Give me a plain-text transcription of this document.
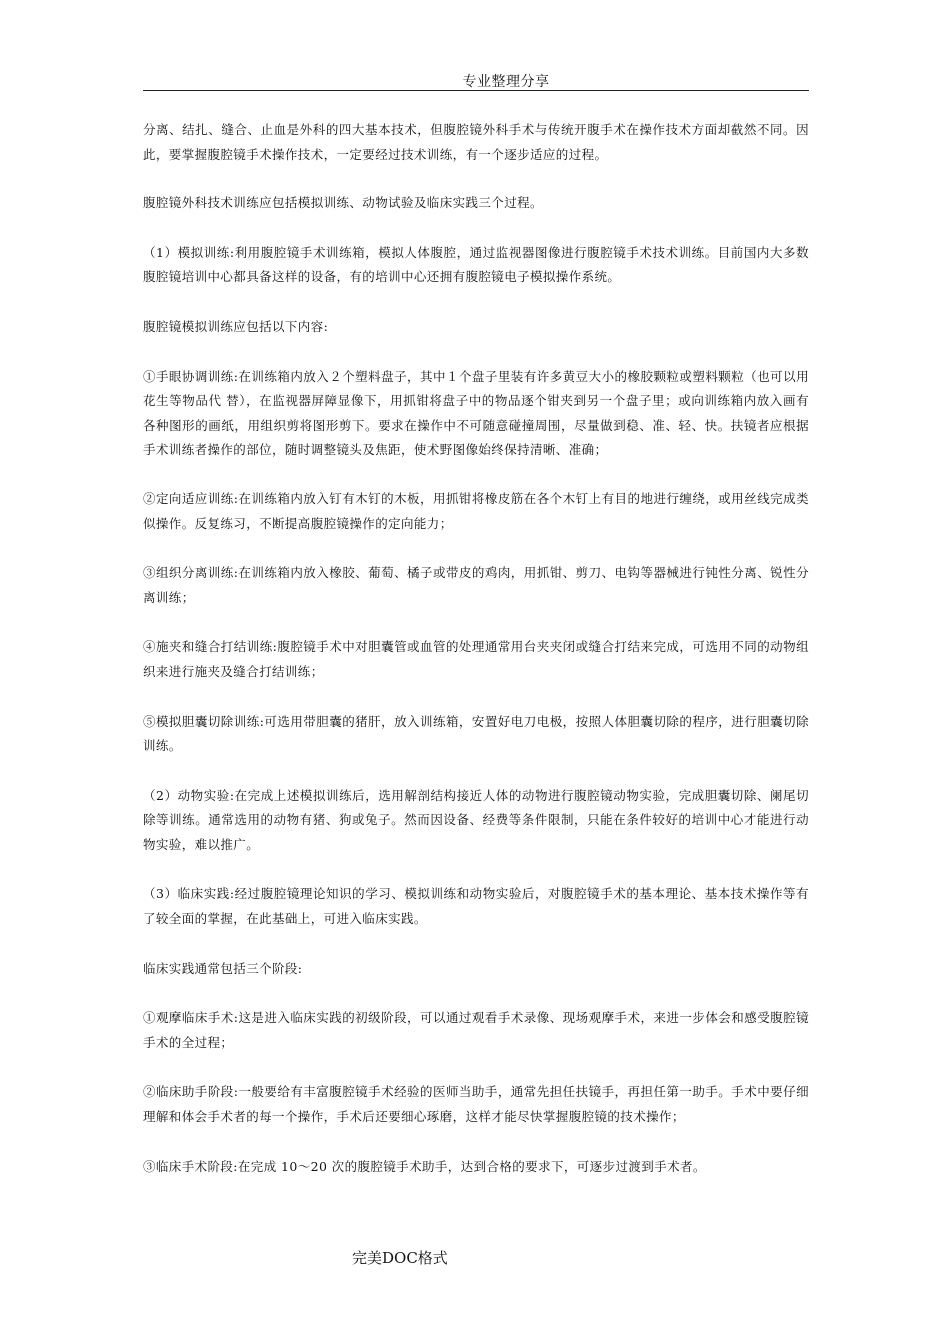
专业整理分享

分离、结扎、缝合、止血是外科的四大基本技术，但腹腔镜外科手术与传统开腹手术在操作技术方面却截然不同。因此，要掌握腹腔镜手术操作技术，一定要经过技术训练，有一个逐步适应的过程。

腹腔镜外科技术训练应包括模拟训练、动物试验及临床实践三个过程。

（1）模拟训练:利用腹腔镜手术训练箱，模拟人体腹腔，通过监视器图像进行腹腔镜手术技术训练。目前国内大多数腹腔镜培训中心都具备这样的设备，有的培训中心还拥有腹腔镜电子模拟操作系统。

腹腔镜模拟训练应包括以下内容:

①手眼协调训练:在训练箱内放入２个塑料盘子，其中１个盘子里装有许多黄豆大小的橡胶颗粒或塑料颗粒（也可以用花生等物品代 替），在监视器屏障显像下，用抓钳将盘子中的物品逐个钳夹到另一个盘子里；或向训练箱内放入画有各种图形的画纸，用组织剪将图形剪下。要求在操作中不可随意碰撞周围，尽量做到稳、准、轻、快。扶镜者应根据手术训练者操作的部位，随时调整镜头及焦距，使术野图像始终保持清晰、准确；

②定向适应训练:在训练箱内放入钉有木钉的木板，用抓钳将橡皮筋在各个木钉上有目的地进行缠绕，或用丝线完成类似操作。反复练习，不断提高腹腔镜操作的定向能力；

③组织分离训练:在训练箱内放入橡胶、葡萄、橘子或带皮的鸡肉，用抓钳、剪刀、电钩等器械进行钝性分离、锐性分离训练；

④施夹和缝合打结训练:腹腔镜手术中对胆囊管或血管的处理通常用台夹夹闭或缝合打结来完成，可选用不同的动物组织来进行施夹及缝合打结训练；

⑤模拟胆囊切除训练:可选用带胆囊的猪肝，放入训练箱，安置好电刀电极，按照人体胆囊切除的程序，进行胆囊切除训练。

（2）动物实验:在完成上述模拟训练后，选用解剖结构接近人体的动物进行腹腔镜动物实验，完成胆囊切除、阑尾切除等训练。通常选用的动物有猪、狗或兔子。然而因设备、经费等条件限制，只能在条件较好的培训中心才能进行动物实验，难以推广。

（3）临床实践:经过腹腔镜理论知识的学习、模拟训练和动物实验后，对腹腔镜手术的基本理论、基本技术操作等有了较全面的掌握，在此基础上，可进入临床实践。

临床实践通常包括三个阶段:

①观摩临床手术:这是进入临床实践的初级阶段，可以通过观看手术录像、现场观摩手术，来进一步体会和感受腹腔镜手术的全过程；

②临床助手阶段:一般要给有丰富腹腔镜手术经验的医师当助手，通常先担任扶镜手，再担任第一助手。手术中要仔细理解和体会手术者的每一个操作，手术后还要细心琢磨，这样才能尽快掌握腹腔镜的技术操作；

③临床手术阶段:在完成 10～20 次的腹腔镜手术助手，达到合格的要求下，可逐步过渡到手术者。

完美DOC格式
